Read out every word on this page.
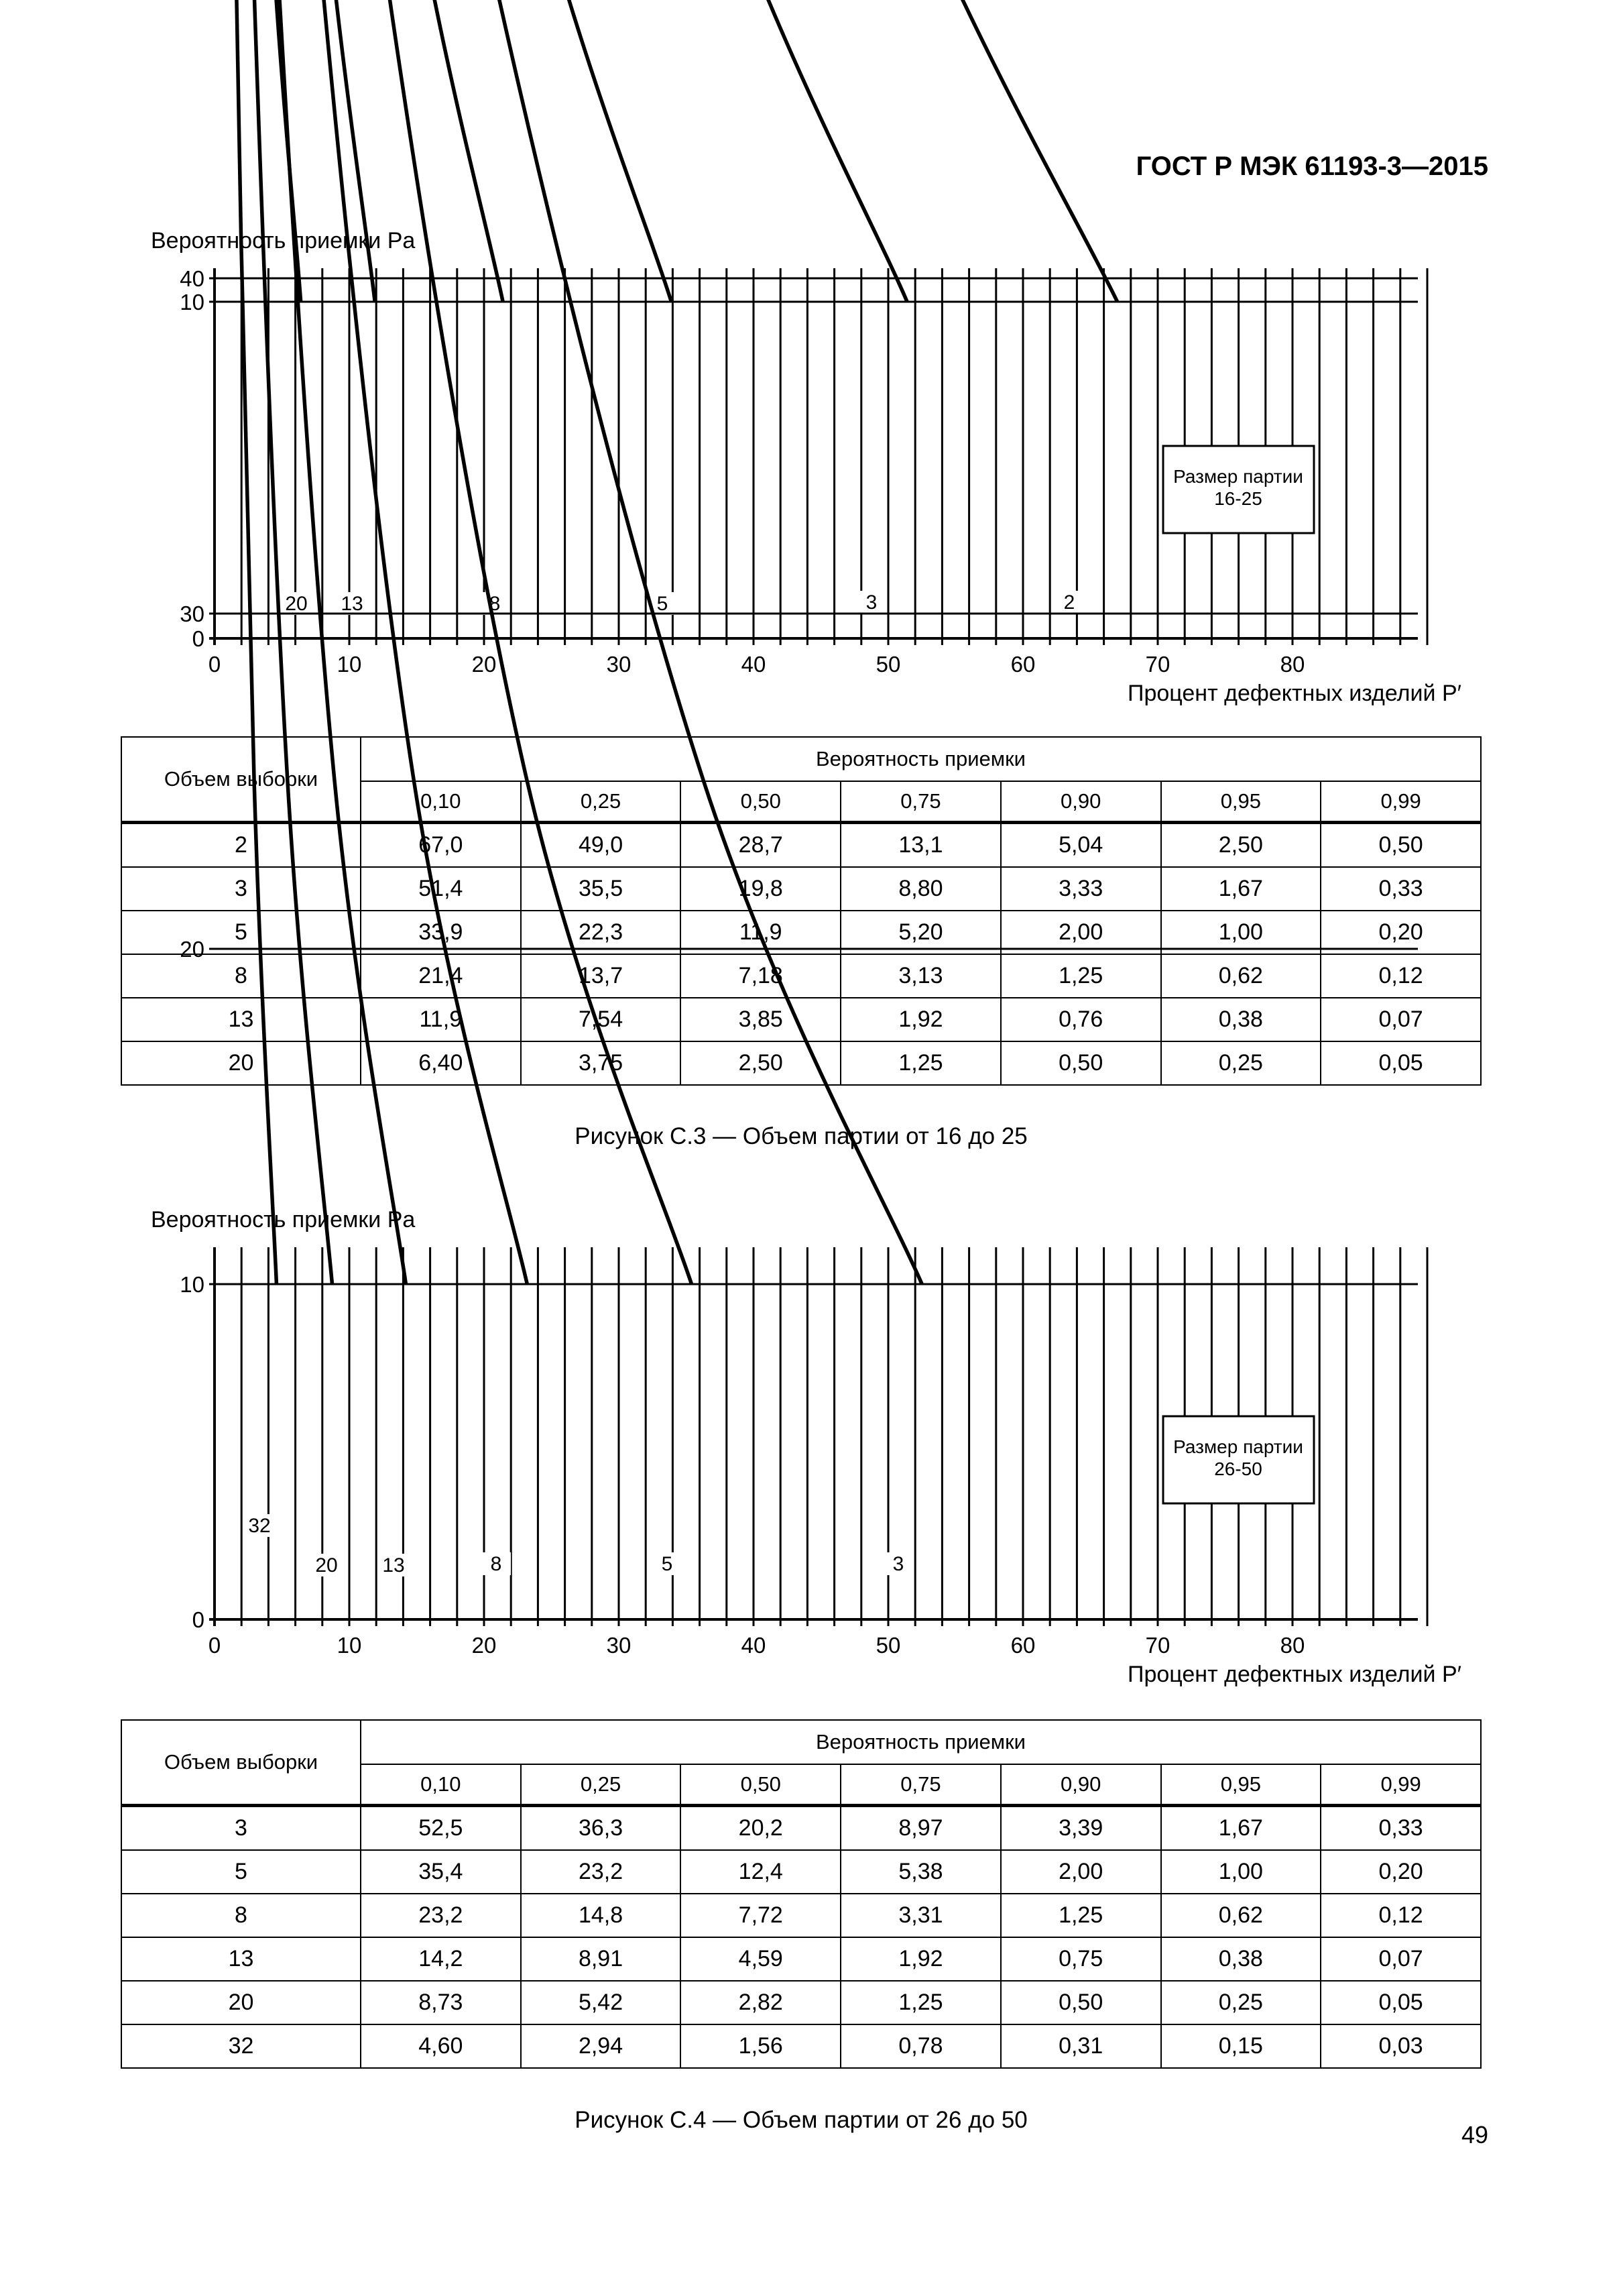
ГОСТ Р МЭК 61193-3—2015
Вероятность приемки Pa
0
10
0	10	20	30	40	50	60	70	80
2
3
5
8
13
20
Размер партии
16-25
Процент дефектных изделий P′
Объем выборки	Вероятность приемки						
	0,10	0,25	0,50	0,75	0,90	0,95	0,99
2	67,0	49,0	28,7	13,1	5,04	2,50	0,50
3	51,4	35,5	19,8	8,80	3,33	1,67	0,33
5	33,9	22,3	11,9	5,20	2,00	1,00	0,20
8	21,4	13,7	7,18	3,13	1,25	0,62	0,12
13	11,9	7,54	3,85	1,92	0,76	0,38	0,07
20	6,40	3,75	2,50	1,25	0,50	0,25	0,05
Рисунок С.3 — Объем партии от 16 до 25
Вероятность приемки Pa
0
10
20
30
40
0	10	20	30	40	50	60	70	80
3
5
8
13
20
32
Размер партии
26-50
Процент дефектных изделий P′
Объем выборки	Вероятность приемки						
	0,10	0,25	0,50	0,75	0,90	0,95	0,99
3	52,5	36,3	20,2	8,97	3,39	1,67	0,33
5	35,4	23,2	12,4	5,38	2,00	1,00	0,20
8	23,2	14,8	7,72	3,31	1,25	0,62	0,12
13	14,2	8,91	4,59	1,92	0,75	0,38	0,07
20	8,73	5,42	2,82	1,25	0,50	0,25	0,05
32	4,60	2,94	1,56	0,78	0,31	0,15	0,03
Рисунок С.4 — Объем партии от 26 до 50
49
